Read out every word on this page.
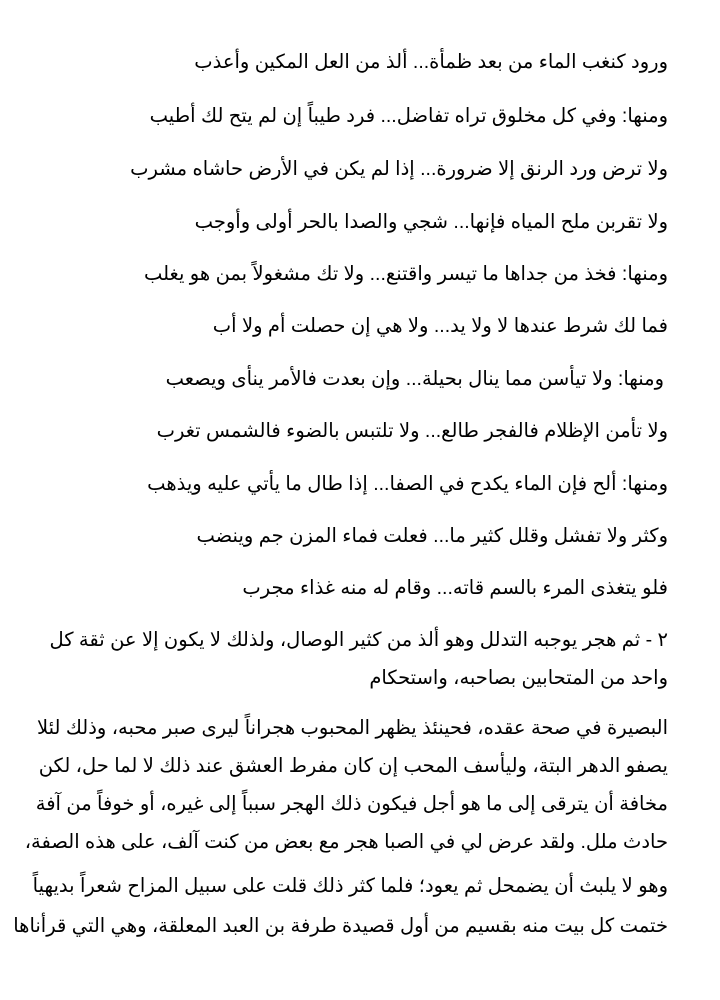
ورود كنغب الماء من بعد ظمأة... ألذ من العل المكين وأعذب
ومنها: وفي كل مخلوق تراه تفاضل... فرد طيباً إن لم يتح لك أطيب
ولا ترض ورد الرنق إلا ضرورة... إذا لم يكن في الأرض حاشاه مشرب
ولا تقربن ملح المياه فإنها... شجي والصدا بالحر أولى وأوجب
ومنها: فخذ من جداها ما تيسر واقتنع... ولا تك مشغولاً بمن هو يغلب
فما لك شرط عندها لا ولا يد... ولا هي إن حصلت أم ولا أب
ومنها: ولا تيأسن مما ينال بحيلة... وإن بعدت فالأمر ينأى ويصعب
ولا تأمن الإظلام فالفجر طالع... ولا تلتبس بالضوء فالشمس تغرب
ومنها: ألح فإن الماء يكدح في الصفا... إذا طال ما يأتي عليه ويذهب
وكثر ولا تفشل وقلل كثير ما... فعلت فماء المزن جم وينضب
فلو يتغذى المرء بالسم قاته... وقام له منه غذاء مجرب
٢ - ثم هجر يوجبه التدلل وهو ألذ من كثير الوصال، ولذلك لا يكون إلا عن ثقة كل
واحد من المتحابين بصاحبه، واستحكام
البصيرة في صحة عقده، فحينئذ يظهر المحبوب هجراناً ليرى صبر محبه، وذلك لئلا
يصفو الدهر البتة، وليأسف المحب إن كان مفرط العشق عند ذلك لا لما حل، لكن
مخافة أن يترقى إلى ما هو أجل فيكون ذلك الهجر سبباً إلى غيره، أو خوفاً من آفة
حادث ملل. ولقد عرض لي في الصبا هجر مع بعض من كنت آلف، على هذه الصفة،
وهو لا يلبث أن يضمحل ثم يعود؛ فلما كثر ذلك قلت على سبيل المزاح شعراً بديهياً
ختمت كل بيت منه بقسيم من أول قصيدة طرفة بن العبد المعلقة، وهي التي قرأناها
